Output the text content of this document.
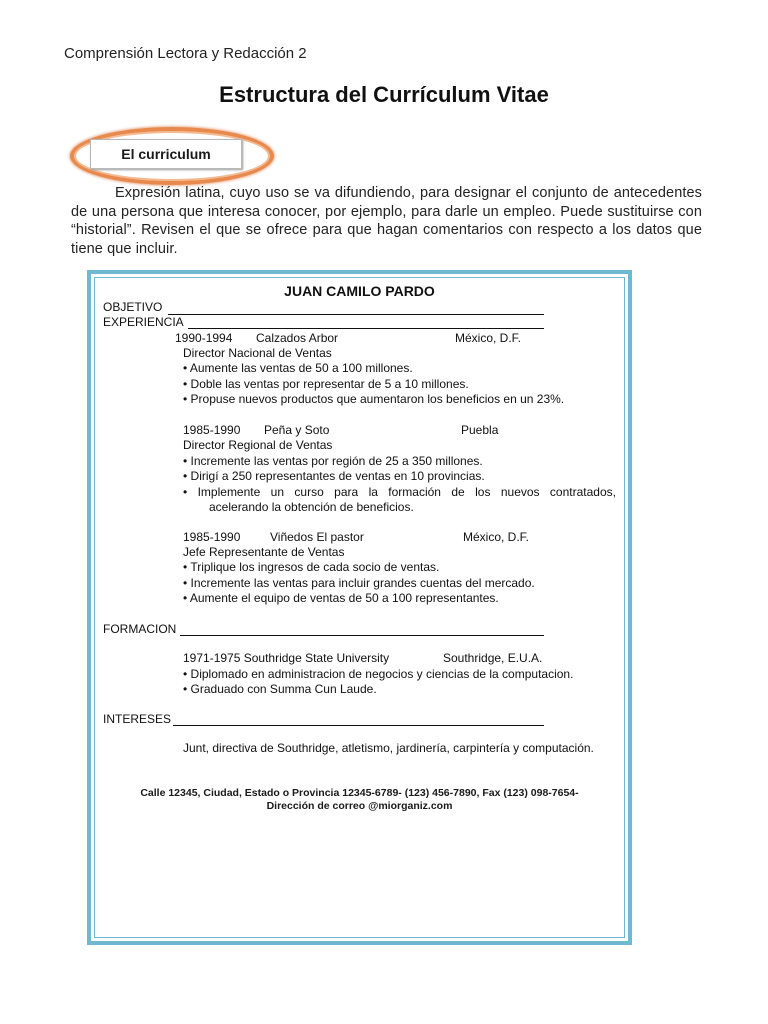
Comprensión Lectora y Redacción 2
Estructura del Currículum Vitae
El curriculum
Expresión latina, cuyo uso se va difundiendo, para designar el conjunto de antecedentes de una persona que interesa conocer, por ejemplo, para darle un empleo. Puede sustituirse con “historial”. Revisen el que se ofrece para que hagan comentarios con respecto a los datos que tiene que incluir.
JUAN CAMILO PARDO
OBJETIVO
EXPERIENCIA
1990-1994 Calzados Arbor	México, D.F.
Director Nacional de Ventas
• Aumente las ventas de 50 a 100 millones.
• Doble las ventas por representar de 5 a 10 millones.
• Propuse nuevos productos que aumentaron los beneficios en un 23%.
1985-1990 Peña y Soto	Puebla
Director Regional de Ventas
• Incremente las ventas por región de 25 a 350 millones.
• Dirigí a 250 representantes de ventas en 10 provincias.
• Implemente un curso para la formación de los nuevos contratados,
acelerando la obtención de beneficios.
1985-1990 Viñedos El pastor	México, D.F.
Jefe Representante de Ventas
• Triplique los ingresos de cada socio de ventas.
• Incremente las ventas para incluir grandes cuentas del mercado.
• Aumente el equipo de ventas de 50 a 100 representantes.
FORMACION
1971-1975 Southridge State University	Southridge, E.U.A.
• Diplomado en administracion de negocios y ciencias de la computacion.
• Graduado con Summa Cun Laude.
INTERESES
Junt, directiva de Southridge, atletismo, jardinería, carpintería y computación.
Calle 12345, Ciudad, Estado o Provincia 12345-6789- (123) 456-7890, Fax (123) 098-7654-
Dirección de correo @miorganiz.com
